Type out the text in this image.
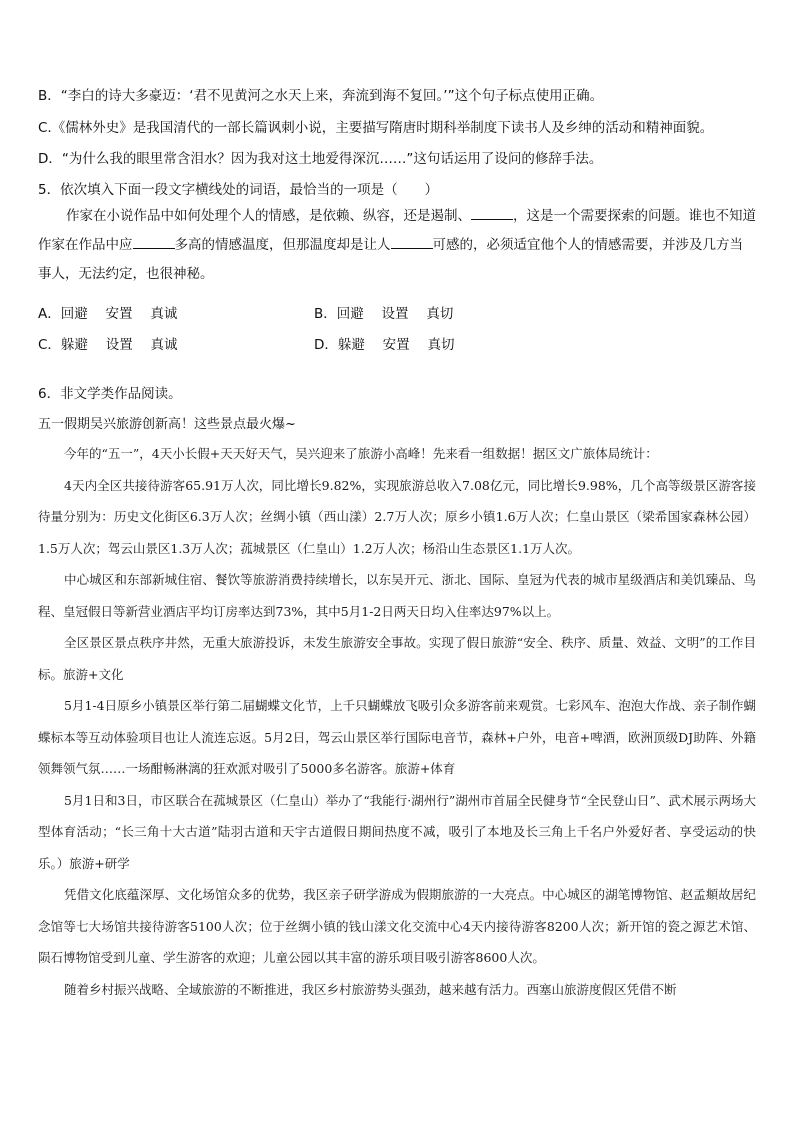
B．“李白的诗大多豪迈：‘君不见黄河之水天上来，奔流到海不复回。’”这个句子标点使用正确。
C.《儒林外史》是我国清代的一部长篇讽刺小说，主要描写隋唐时期科举制度下读书人及乡绅的活动和精神面貌。
D．“为什么我的眼里常含泪水？因为我对这土地爱得深沉……”这句话运用了设问的修辞手法。
5．依次填入下面一段文字横线处的词语，最恰当的一项是（　　）
作家在小说作品中如何处理个人的情感，是依赖、纵容，还是遏制、	，这是一个需要探索的问题。谁也不知道作家在作品中应	多高的情感温度，但那温度却是让人	可感的，必须适宜他个人的情感需要，并涉及几方当事人，无法约定，也很神秘。
A．回避　 安置　 真诚	B．回避　 设置　 真切
C．躲避　 设置　 真诚	D．躲避　 安置　 真切
6．非文学类作品阅读。
五一假期吴兴旅游创新高！这些景点最火爆~

今年的“五一”，4天小长假+天天好天气，吴兴迎来了旅游小高峰！先来看一组数据！据区文广旅体局统计：

4天内全区共接待游客65.91万人次，同比增长9.82%，实现旅游总收入7.08亿元，同比增长9.98%，几个高等级景区游客接待量分别为：历史文化街区6.3万人次；丝绸小镇（西山漾）2.7万人次；原乡小镇1.6万人次；仁皇山景区（梁希国家森林公园）1.5万人次；驾云山景区1.3万人次；菰城景区（仁皇山）1.2万人次；杨沿山生态景区1.1万人次。

中心城区和东部新城住宿、餐饮等旅游消费持续增长，以东吴开元、浙北、国际、皇冠为代表的城市星级酒店和美饥臻品、鸟程、皇冠假日等新营业酒店平均订房率达到73%，其中5月1-2日两天日均入住率达97%以上。

全区景区景点秩序井然，无重大旅游投诉，未发生旅游安全事故。实现了假日旅游“安全、秩序、质量、效益、文明”的工作目标。旅游+文化

5月1-4日原乡小镇景区举行第二届蝴蝶文化节，上千只蝴蝶放飞吸引众多游客前来观赏。七彩风车、泡泡大作战、亲子制作蝴蝶标本等互动体验项目也让人流连忘返。5月2日，驾云山景区举行国际电音节，森林+户外，电音+啤酒，欧洲顶级DJ助阵、外籍领舞领气氛……一场酣畅淋漓的狂欢派对吸引了5000多名游客。旅游+体育

5月1日和3日，市区联合在菰城景区（仁皇山）举办了“我能行·湖州行”湖州市首届全民健身节“全民登山日”、武术展示两场大型体育活动；“长三角十大古道”陆羽古道和天宇古道假日期间热度不减，吸引了本地及长三角上千名户外爱好者、享受运动的快乐。）旅游+研学

凭借文化底蕴深厚、文化场馆众多的优势，我区亲子研学游成为假期旅游的一大亮点。中心城区的湖笔博物馆、赵孟頫故居纪念馆等七大场馆共接待游客5100人次；位于丝绸小镇的钱山漾文化交流中心4天内接待游客8200人次；新开馆的瓷之源艺术馆、陨石博物馆受到儿童、学生游客的欢迎；儿童公园以其丰富的游乐项目吸引游客8600人次。

随着乡村振兴战略、全域旅游的不断推进，我区乡村旅游势头强劲，越来越有活力。西塞山旅游度假区凭借不断
